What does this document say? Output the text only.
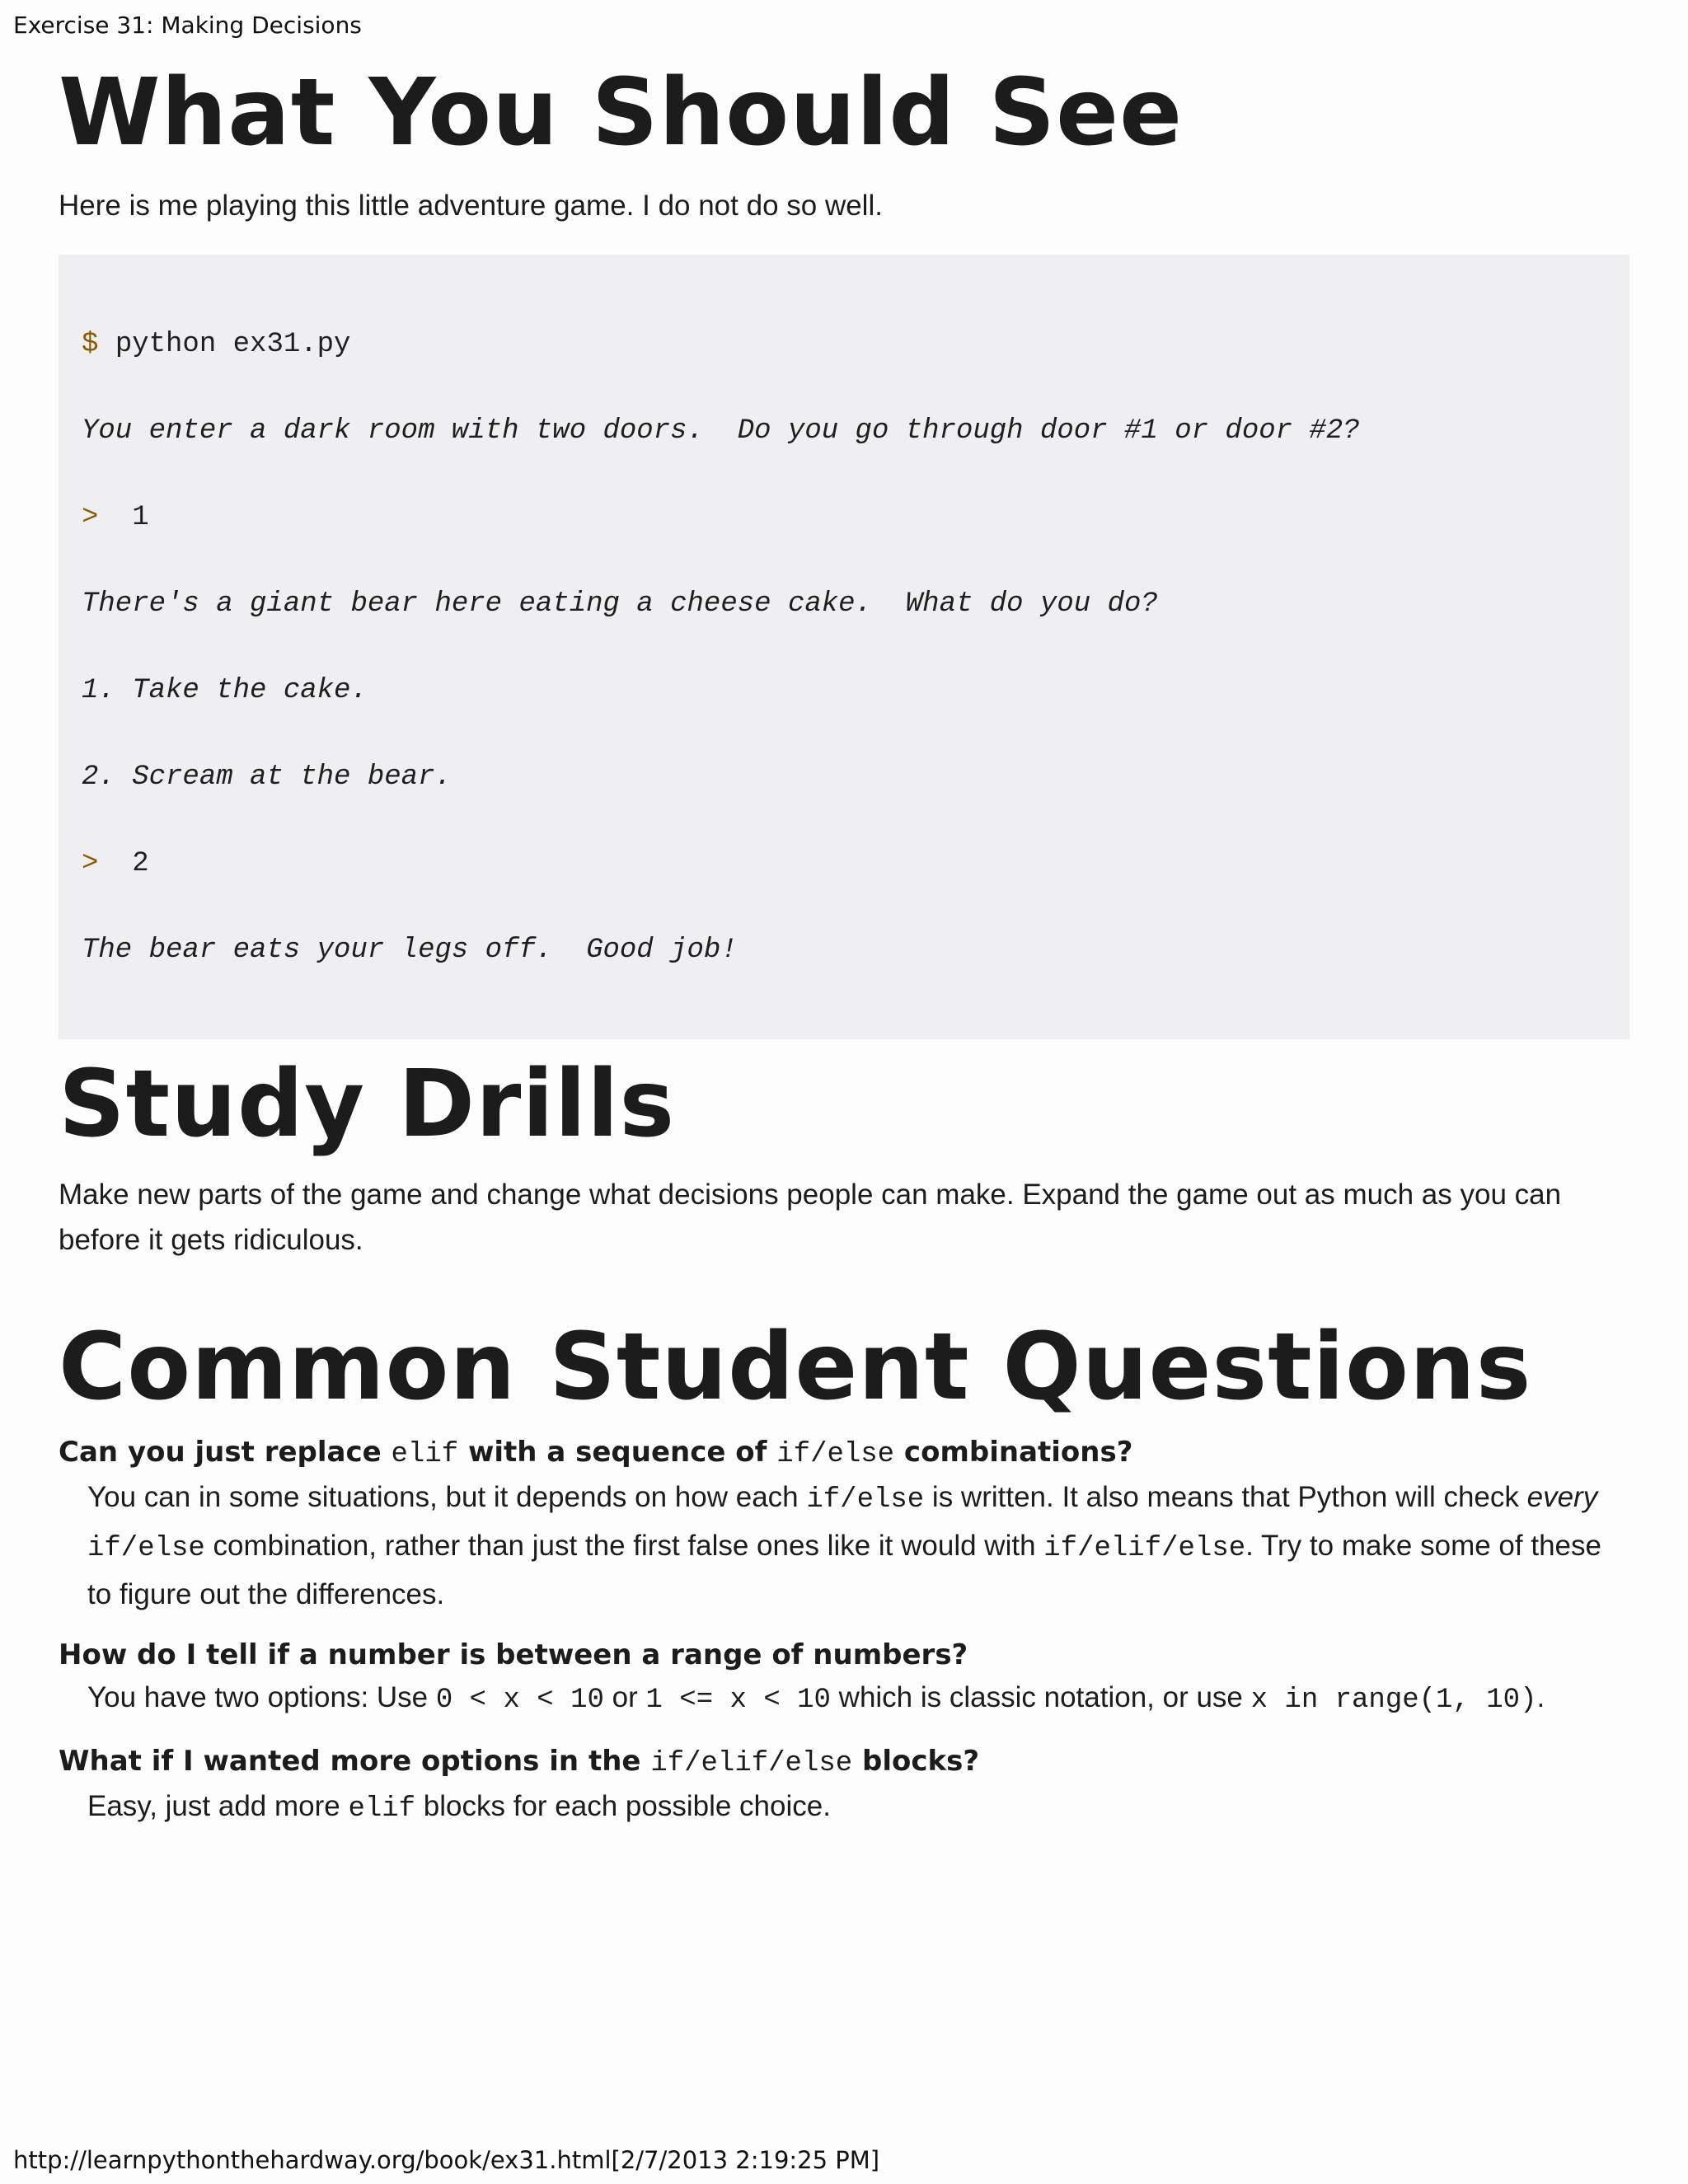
Exercise 31: Making Decisions
What You Should See

Here is me playing this little adventure game. I do not do so well.

$ python ex31.py

You enter a dark room with two doors.  Do you go through door #1 or door #2?

> 1

There's a giant bear here eating a cheese cake.  What do you do?

1. Take the cake.

2. Scream at the bear.

> 2

The bear eats your legs off.  Good job!

Study Drills

Make new parts of the game and change what decisions people can make. Expand the game out as much as you can before it gets ridiculous.

Common Student Questions

Can you just replace elif with a sequence of if/else combinations?

You can in some situations, but it depends on how each if/else is written. It also means that Python will check every if/else combination, rather than just the first false ones like it would with if/elif/else. Try to make some of these to figure out the differences.

How do I tell if a number is between a range of numbers?

You have two options: Use 0 < x < 10 or 1 <= x < 10 which is classic notation, or use x in range(1, 10).

What if I wanted more options in the if/elif/else blocks?

Easy, just add more elif blocks for each possible choice.

http://learnpythonthehardway.org/book/ex31.html[2/7/2013 2:19:25 PM]
